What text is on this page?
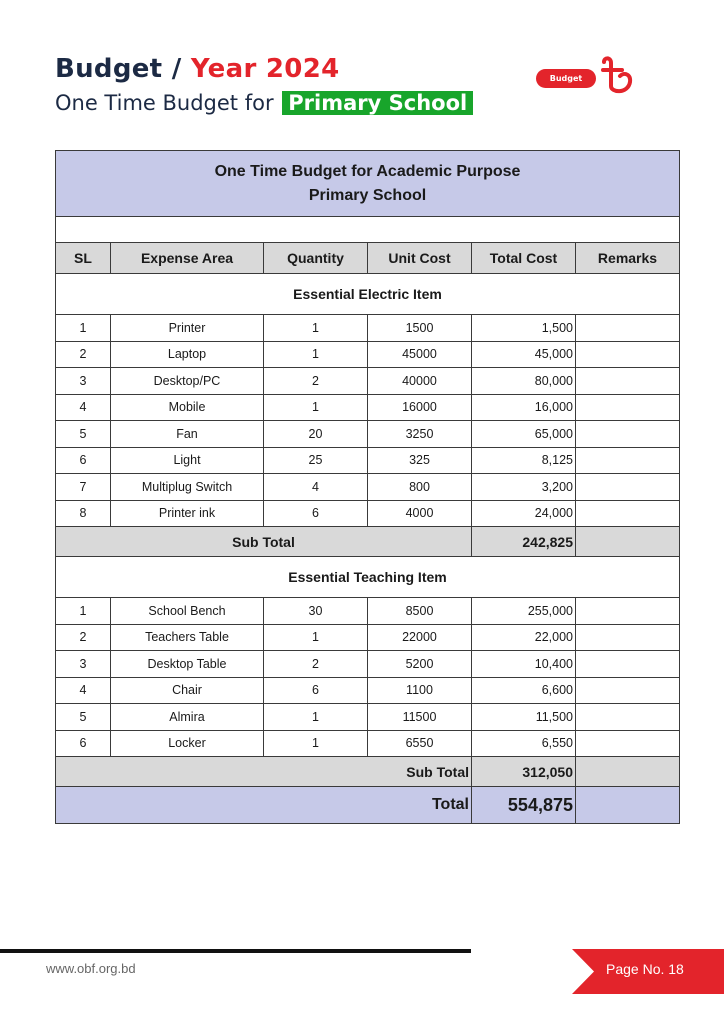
Budget / Year 2024
One Time Budget for Primary School
Budget
One Time Budget for Academic Purpose
Primary School					

SL	Expense Area	Quantity	Unit Cost	Total Cost	Remarks
Essential Electric Item					
1	Printer	1	1500	1,500	
2	Laptop	1	45000	45,000	
3	Desktop/PC	2	40000	80,000	
4	Mobile	1	16000	16,000	
5	Fan	20	3250	65,000	
6	Light	25	325	8,125	
7	Multiplug Switch	4	800	3,200	
8	Printer ink	6	4000	24,000	
Sub Total				242,825	
Essential Teaching Item					
1	School Bench	30	8500	255,000	
2	Teachers Table	1	22000	22,000	
3	Desktop Table	2	5200	10,400	
4	Chair	6	1100	6,600	
5	Almira	1	11500	11,500	
6	Locker	1	6550	6,550	
Sub Total				312,050	
Total				554,875	
www.obf.org.bd	Page No. 18
